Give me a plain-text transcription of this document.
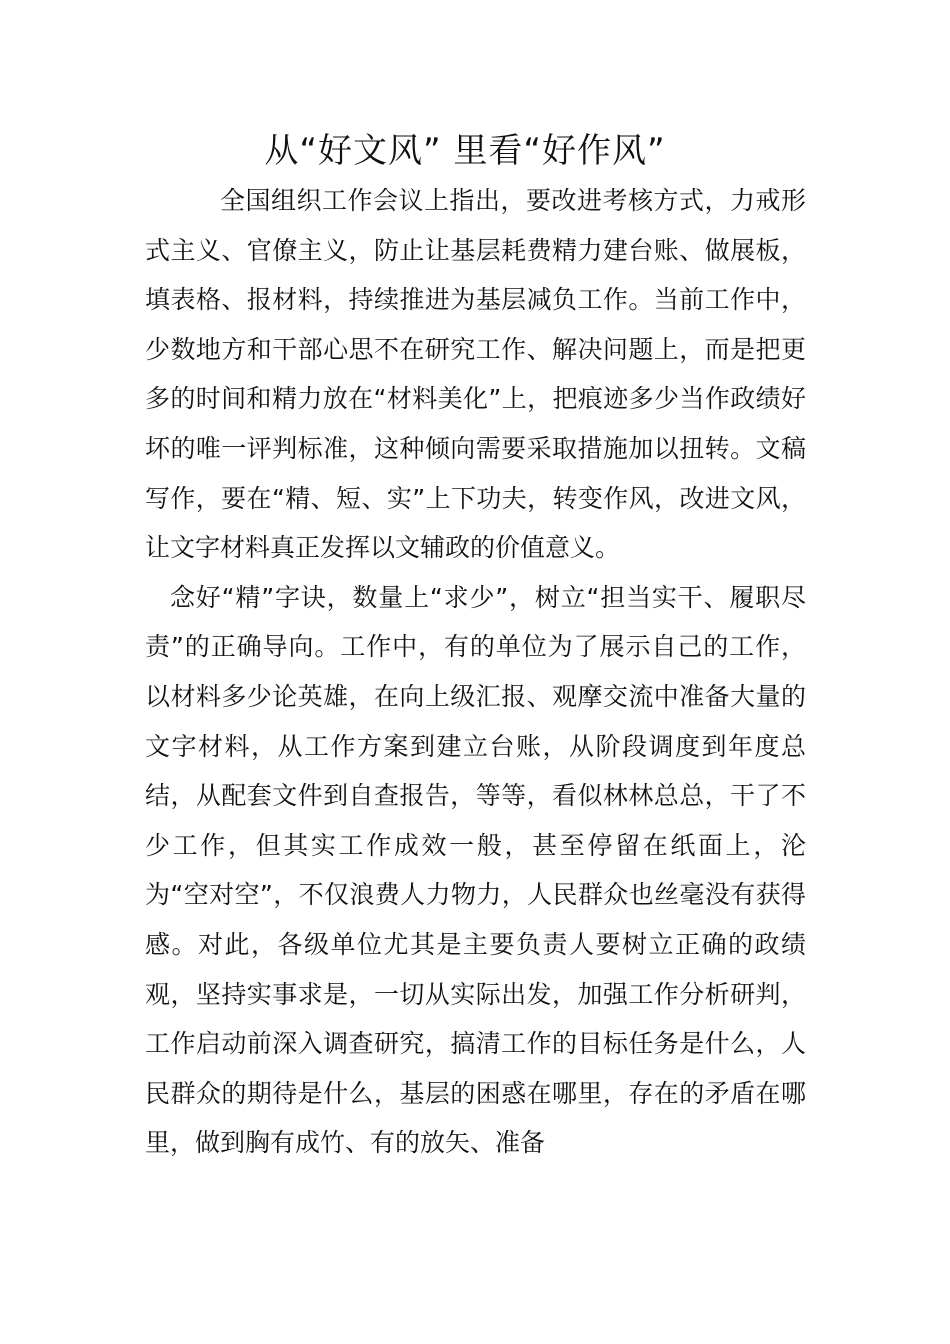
从“好文风” 里看“好作风”

全国组织工作会议上指出，要改进考核方式，力戒形式主义、官僚主义，防止让基层耗费精力建台账、做展板，填表格、报材料，持续推进为基层减负工作。当前工作中，少数地方和干部心思不在研究工作、解决问题上，而是把更多的时间和精力放在“材料美化”上，把痕迹多少当作政绩好坏的唯一评判标准，这种倾向需要采取措施加以扭转。文稿写作，要在“精、短、实”上下功夫，转变作风，改进文风，让文字材料真正发挥以文辅政的价值意义。

念好“精”字诀，数量上“求少”，树立“担当实干、履职尽责”的正确导向。工作中，有的单位为了展示自己的工作，以材料多少论英雄，在向上级汇报、观摩交流中准备大量的文字材料，从工作方案到建立台账，从阶段调度到年度总结，从配套文件到自查报告，等等，看似林林总总，干了不少工作，但其实工作成效一般，甚至停留在纸面上，沦为“空对空”，不仅浪费人力物力，人民群众也丝毫没有获得感。对此，各级单位尤其是主要负责人要树立正确的政绩观，坚持实事求是，一切从实际出发，加强工作分析研判，工作启动前深入调查研究，搞清工作的目标任务是什么，人民群众的期待是什么，基层的困惑在哪里，存在的矛盾在哪里，做到胸有成竹、有的放矢、准备
